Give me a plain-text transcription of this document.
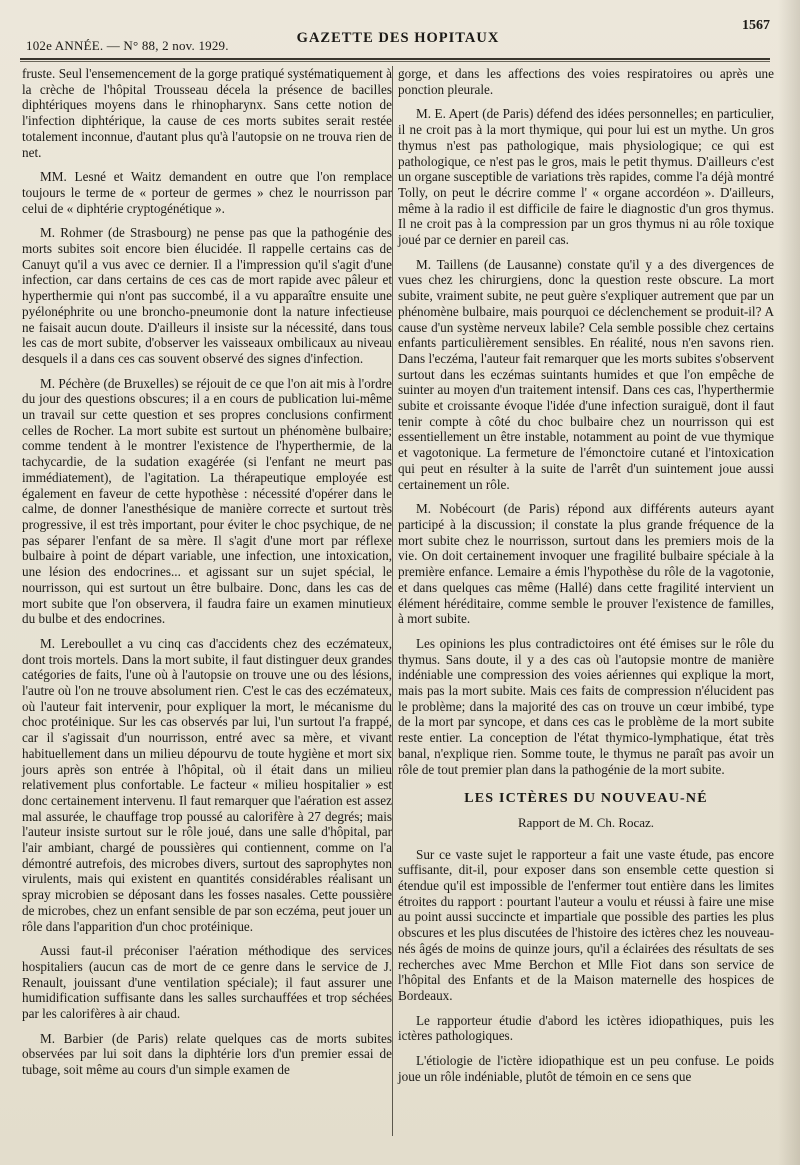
102e ANNÉE. — N° 88, 2 nov. 1929.	GAZETTE DES HOPITAUX
1567

fruste. Seul l'ensemencement de la gorge pratiqué systématiquement à la crèche de l'hôpital Trousseau décela la présence de bacilles diphtériques moyens dans le rhinopharynx. Sans cette notion de l'infection diphtérique, la cause de ces morts subites serait restée totalement inconnue, d'autant plus qu'à l'autopsie on ne trouva rien de net.

MM. Lesné et Waitz demandent en outre que l'on remplace toujours le terme de « porteur de germes » chez le nourrisson par celui de « diphtérie cryptogénétique ».

M. Rohmer (de Strasbourg) ne pense pas que la pathogénie des morts subites soit encore bien élucidée. Il rappelle certains cas de Canuyt qu'il a vus avec ce dernier. Il a l'impression qu'il s'agit d'une infection, car dans certains de ces cas de mort rapide avec pâleur et hyperthermie qui n'ont pas succombé, il a vu apparaître ensuite une pyélonéphrite ou une broncho-pneumonie dont la nature infectieuse ne faisait aucun doute. D'ailleurs il insiste sur la nécessité, dans tous les cas de mort subite, d'observer les vaisseaux ombilicaux au niveau desquels il a dans ces cas souvent observé des signes d'infection.

M. Péchère (de Bruxelles) se réjouit de ce que l'on ait mis à l'ordre du jour des questions obscures; il a en cours de publication lui-même un travail sur cette question et ses propres conclusions confirment celles de Rocher. La mort subite est surtout un phénomène bulbaire; comme tendent à le montrer l'existence de l'hyperthermie, de la tachycardie, de la sudation exagérée (si l'enfant ne meurt pas immédiatement), de l'agitation. La thérapeutique employée est également en faveur de cette hypothèse : nécessité d'opérer dans le calme, de donner l'anesthésique de manière correcte et surtout très progressive, il est très important, pour éviter le choc psychique, de ne pas séparer l'enfant de sa mère. Il s'agit d'une mort par réflexe bulbaire à point de départ variable, une infection, une intoxication, une lésion des endocrines... et agissant sur un sujet spécial, le nourrisson, qui est surtout un être bulbaire. Donc, dans les cas de mort subite que l'on observera, il faudra faire un examen minutieux du bulbe et des endocrines.

M. Lereboullet a vu cinq cas d'accidents chez des eczémateux, dont trois mortels. Dans la mort subite, il faut distinguer deux grandes catégories de faits, l'une où à l'autopsie on trouve une ou des lésions, l'autre où l'on ne trouve absolument rien. C'est le cas des eczémateux, où l'auteur fait intervenir, pour expliquer la mort, le mécanisme du choc protéinique. Sur les cas observés par lui, l'un surtout l'a frappé, car il s'agissait d'un nourrisson, entré avec sa mère, et vivant habituellement dans un milieu dépourvu de toute hygiène et mort six jours après son entrée à l'hôpital, où il était dans un milieu relativement plus confortable. Le facteur « milieu hospitalier » est donc certainement intervenu. Il faut remarquer que l'aération est assez mal assurée, le chauffage trop poussé au calorifère à 27 degrés; mais l'auteur insiste surtout sur le rôle joué, dans une salle d'hôpital, par l'air ambiant, chargé de poussières qui contiennent, comme on l'a démontré autrefois, des microbes divers, surtout des saprophytes non virulents, mais qui existent en quantités considérables réalisant un spray microbien se déposant dans les fosses nasales. Cette poussière de microbes, chez un enfant sensible de par son eczéma, peut jouer un rôle dans l'apparition d'un choc protéinique.

Aussi faut-il préconiser l'aération méthodique des services hospitaliers (aucun cas de mort de ce genre dans le service de J. Renault, jouissant d'une ventilation spéciale); il faut assurer une humidification suffisante dans les salles surchauffées et trop séchées par les calorifères à air chaud.

M. Barbier (de Paris) relate quelques cas de morts subites observées par lui soit dans la diphtérie lors d'un premier essai de tubage, soit même au cours d'un simple examen de

gorge, et dans les affections des voies respiratoires ou après une ponction pleurale.

M. E. Apert (de Paris) défend des idées personnelles; en particulier, il ne croit pas à la mort thymique, qui pour lui est un mythe. Un gros thymus n'est pas pathologique, mais physiologique; ce qui est pathologique, ce n'est pas le gros, mais le petit thymus. D'ailleurs c'est un organe susceptible de variations très rapides, comme l'a déjà montré Tolly, on peut le décrire comme l' « organe accordéon ». D'ailleurs, même à la radio il est difficile de faire le diagnostic d'un gros thymus. Il ne croit pas à la compression par un gros thymus ni au rôle toxique joué par ce dernier en pareil cas.

M. Taillens (de Lausanne) constate qu'il y a des divergences de vues chez les chirurgiens, donc la question reste obscure. La mort subite, vraiment subite, ne peut guère s'expliquer autrement que par un phénomène bulbaire, mais pourquoi ce déclenchement se produit-il? A cause d'un système nerveux labile? Cela semble possible chez certains enfants particulièrement sensibles. En réalité, nous n'en savons rien. Dans l'eczéma, l'auteur fait remarquer que les morts subites s'observent surtout dans les eczémas suintants humides et que l'on empêche de suinter au moyen d'un traitement intensif. Dans ces cas, l'hyperthermie subite et croissante évoque l'idée d'une infection suraiguë, dont il faut tenir compte à côté du choc bulbaire chez un nourrisson qui est essentiellement un être instable, notamment au point de vue thymique et vagotonique. La fermeture de l'émonctoire cutané et l'intoxication qui peut en résulter à la suite de l'arrêt d'un suintement joue aussi certainement un rôle.

M. Nobécourt (de Paris) répond aux différents auteurs ayant participé à la discussion; il constate la plus grande fréquence de la mort subite chez le nourrisson, surtout dans les premiers mois de la vie. On doit certainement invoquer une fragilité bulbaire spéciale à la première enfance. Lemaire a émis l'hypothèse du rôle de la vagotonie, et dans quelques cas même (Hallé) dans cette fragilité intervient un élément héréditaire, comme semble le prouver l'existence de familles, à mort subite.

Les opinions les plus contradictoires ont été émises sur le rôle du thymus. Sans doute, il y a des cas où l'autopsie montre de manière indéniable une compression des voies aériennes qui explique la mort, mais pas la mort subite. Mais ces faits de compression n'élucident pas le problème; dans la majorité des cas on trouve un cœur imbibé, type de la mort par syncope, et dans ces cas le problème de la mort subite reste entier. La conception de l'état thymico-lymphatique, état très banal, n'explique rien. Somme toute, le thymus ne paraît pas avoir un rôle de tout premier plan dans la pathogénie de la mort subite.

LES ICTÈRES DU NOUVEAU-NÉ
Rapport de M. Ch. Rocaz.

Sur ce vaste sujet le rapporteur a fait une vaste étude, pas encore suffisante, dit-il, pour exposer dans son ensemble cette question si étendue qu'il est impossible de l'enfermer tout entière dans les limites étroites du rapport : pourtant l'auteur a voulu et réussi à faire une mise au point aussi succincte et impartiale que possible des parties les plus obscures et les plus discutées de l'histoire des ictères chez les nouveau-nés âgés de moins de quinze jours, qu'il a éclairées des résultats de ses recherches avec Mme Berchon et Mlle Fiot dans son service de l'hôpital des Enfants et de la Maison maternelle des hospices de Bordeaux.

Le rapporteur étudie d'abord les ictères idiopathiques, puis les ictères pathologiques.

L'étiologie de l'ictère idiopathique est un peu confuse. Le poids joue un rôle indéniable, plutôt de témoin en ce sens que
